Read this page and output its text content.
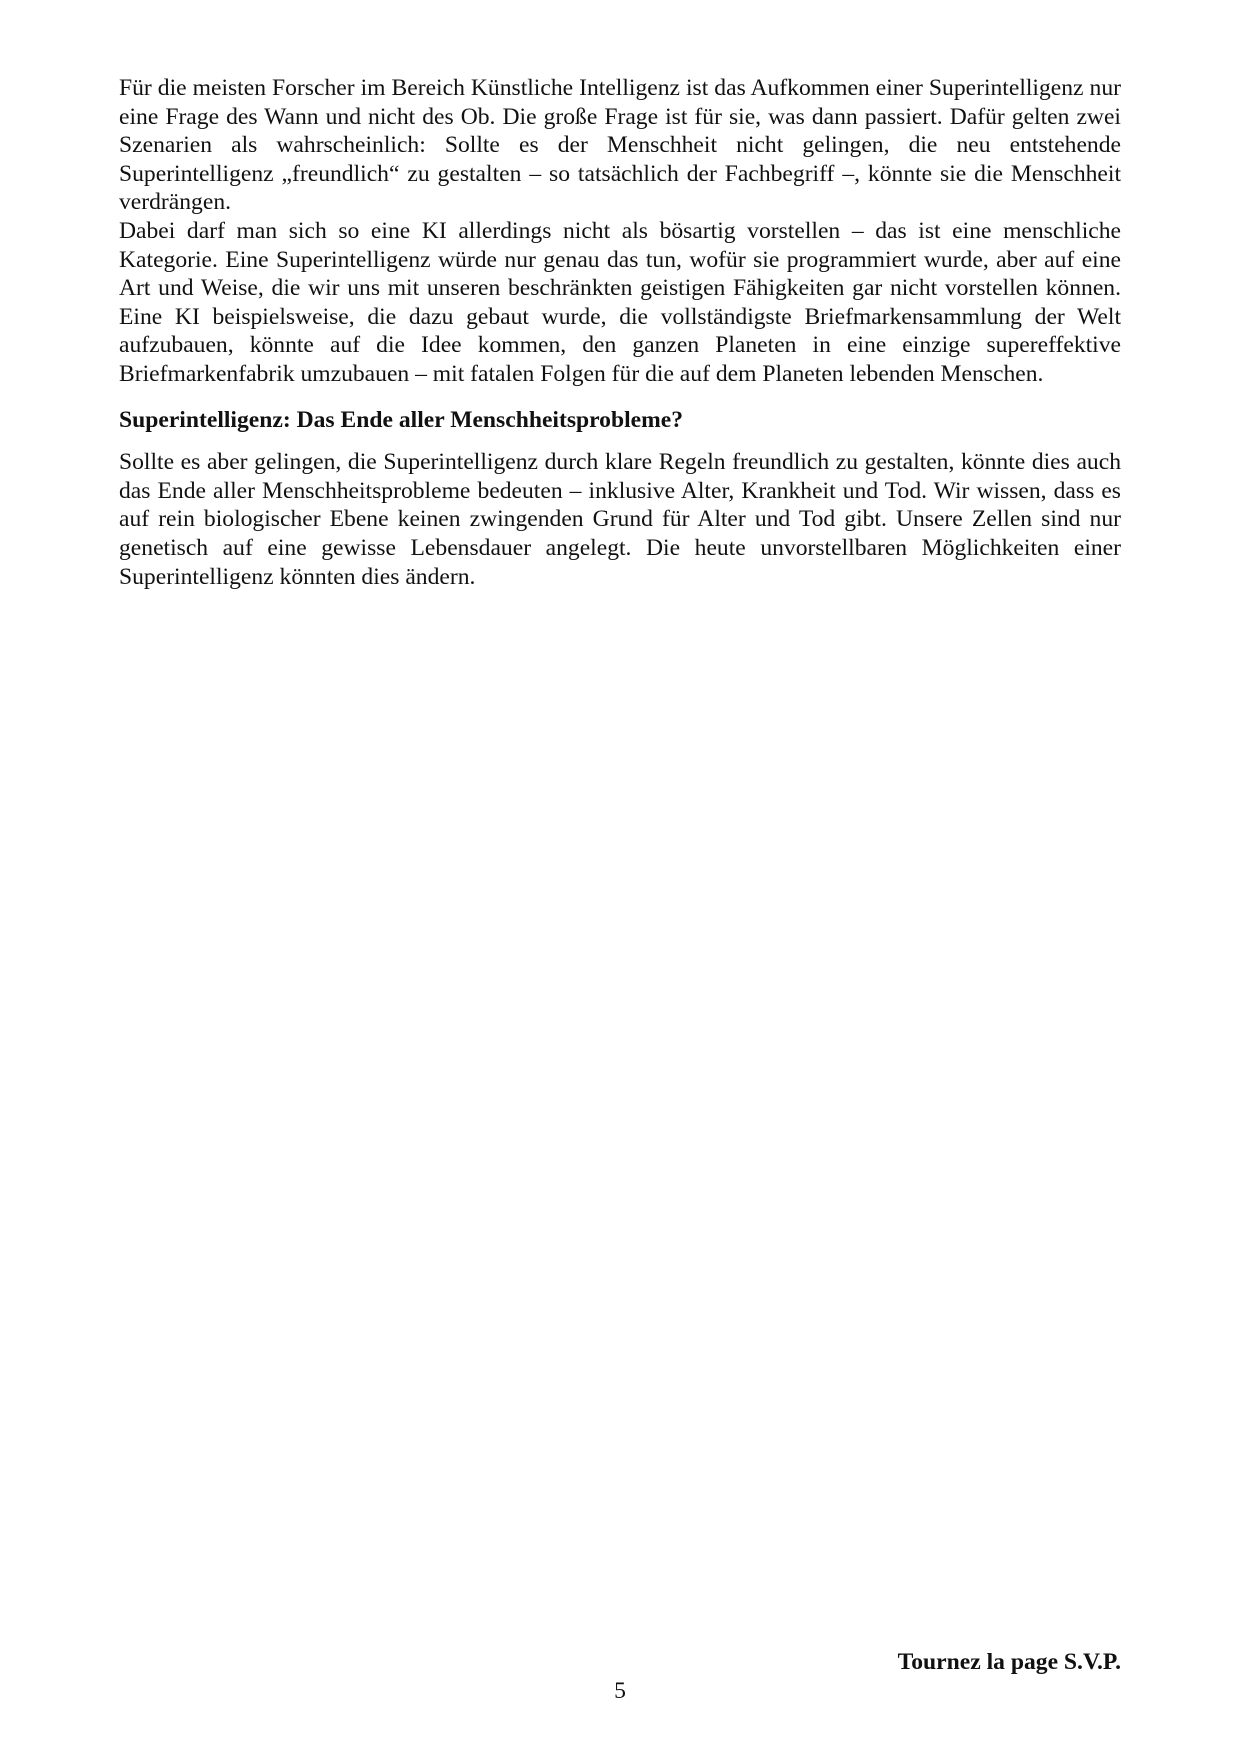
Für die meisten Forscher im Bereich Künstliche Intelligenz ist das Aufkommen einer Superintelligenz nur eine Frage des Wann und nicht des Ob. Die große Frage ist für sie, was dann passiert. Dafür gelten zwei Szenarien als wahrscheinlich: Sollte es der Menschheit nicht gelingen, die neu entstehende Superintelligenz „freundlich“ zu gestalten – so tatsächlich der Fachbegriff –, könnte sie die Menschheit verdrängen.

Dabei darf man sich so eine KI allerdings nicht als bösartig vorstellen – das ist eine menschliche Kategorie. Eine Superintelligenz würde nur genau das tun, wofür sie programmiert wurde, aber auf eine Art und Weise, die wir uns mit unseren beschränkten geistigen Fähigkeiten gar nicht vorstellen können. Eine KI beispielsweise, die dazu gebaut wurde, die vollständigste Briefmarkensammlung der Welt aufzubauen, könnte auf die Idee kommen, den ganzen Planeten in eine einzige supereffektive Briefmarkenfabrik umzubauen – mit fatalen Folgen für die auf dem Planeten lebenden Menschen.

Superintelligenz: Das Ende aller Menschheitsprobleme?

Sollte es aber gelingen, die Superintelligenz durch klare Regeln freundlich zu gestalten, könnte dies auch das Ende aller Menschheitsprobleme bedeuten – inklusive Alter, Krankheit und Tod. Wir wissen, dass es auf rein biologischer Ebene keinen zwingenden Grund für Alter und Tod gibt. Unsere Zellen sind nur genetisch auf eine gewisse Lebensdauer angelegt. Die heute unvorstellbaren Möglichkeiten einer Superintelligenz könnten dies ändern.

Tournez la page S.V.P.
5
